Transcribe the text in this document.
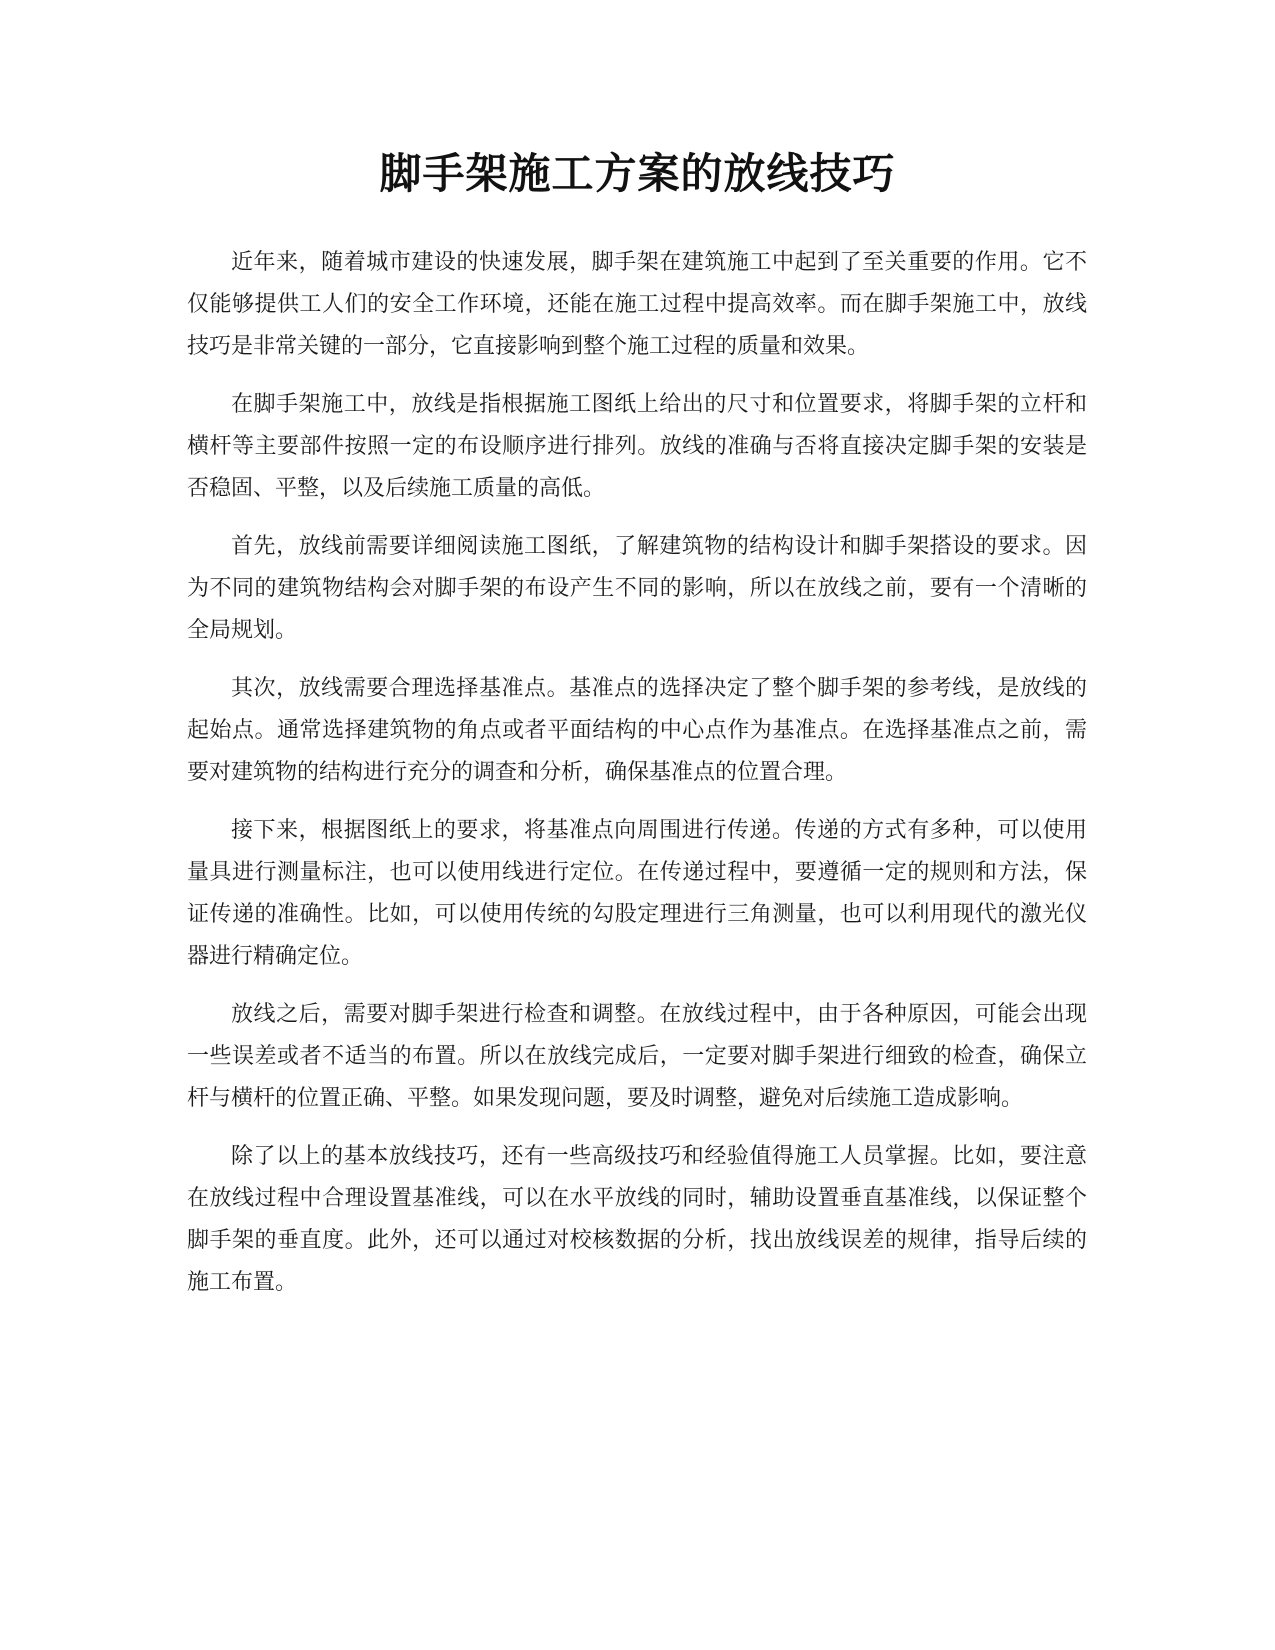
脚手架施工方案的放线技巧

近年来，随着城市建设的快速发展，脚手架在建筑施工中起到了至关重要的作用。它不仅能够提供工人们的安全工作环境，还能在施工过程中提高效率。而在脚手架施工中，放线技巧是非常关键的一部分，它直接影响到整个施工过程的质量和效果。

在脚手架施工中，放线是指根据施工图纸上给出的尺寸和位置要求，将脚手架的立杆和横杆等主要部件按照一定的布设顺序进行排列。放线的准确与否将直接决定脚手架的安装是否稳固、平整，以及后续施工质量的高低。

首先，放线前需要详细阅读施工图纸，了解建筑物的结构设计和脚手架搭设的要求。因为不同的建筑物结构会对脚手架的布设产生不同的影响，所以在放线之前，要有一个清晰的全局规划。

其次，放线需要合理选择基准点。基准点的选择决定了整个脚手架的参考线，是放线的起始点。通常选择建筑物的角点或者平面结构的中心点作为基准点。在选择基准点之前，需要对建筑物的结构进行充分的调查和分析，确保基准点的位置合理。

接下来，根据图纸上的要求，将基准点向周围进行传递。传递的方式有多种，可以使用量具进行测量标注，也可以使用线进行定位。在传递过程中，要遵循一定的规则和方法，保证传递的准确性。比如，可以使用传统的勾股定理进行三角测量，也可以利用现代的激光仪器进行精确定位。

放线之后，需要对脚手架进行检查和调整。在放线过程中，由于各种原因，可能会出现一些误差或者不适当的布置。所以在放线完成后，一定要对脚手架进行细致的检查，确保立杆与横杆的位置正确、平整。如果发现问题，要及时调整，避免对后续施工造成影响。

除了以上的基本放线技巧，还有一些高级技巧和经验值得施工人员掌握。比如，要注意在放线过程中合理设置基准线，可以在水平放线的同时，辅助设置垂直基准线，以保证整个脚手架的垂直度。此外，还可以通过对校核数据的分析，找出放线误差的规律，指导后续的施工布置。
